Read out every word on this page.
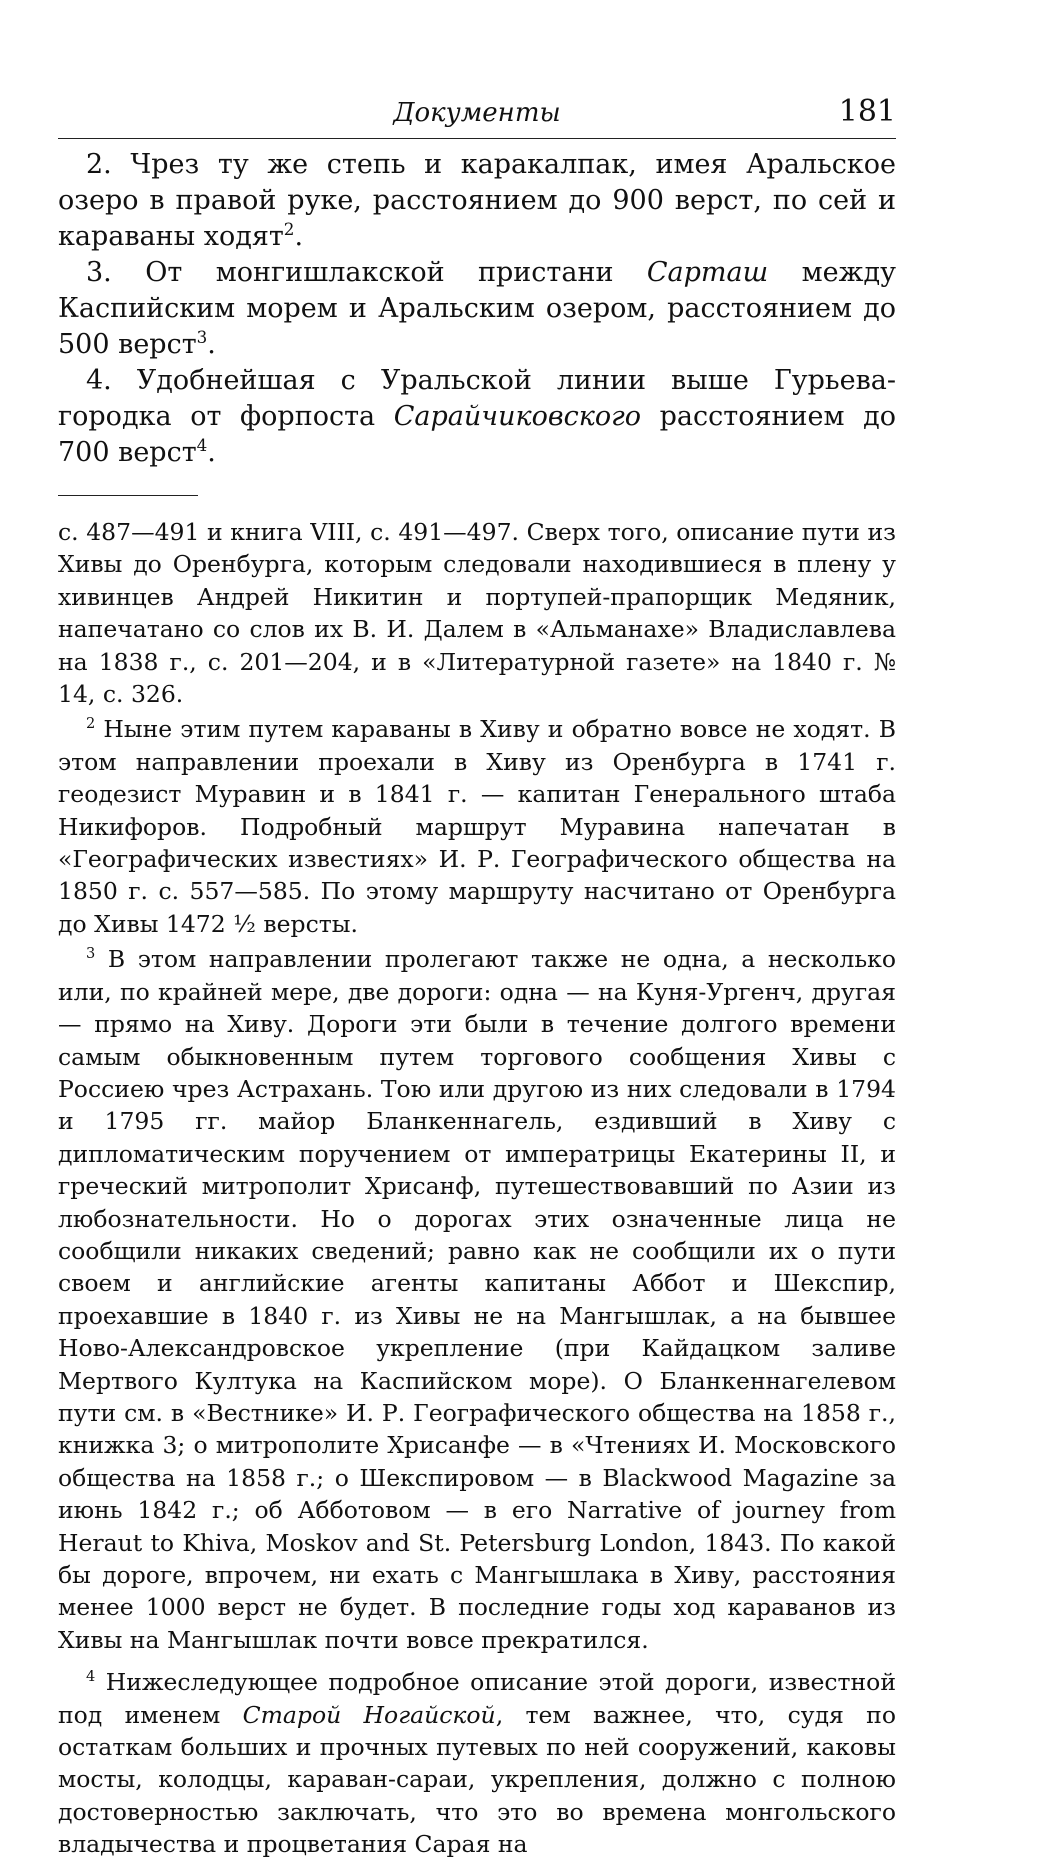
Документы	181

2. Чрез ту же степь и каракалпак, имея Аральское озеро в правой руке, расстоянием до 900 верст, по сей и караваны ходят$^2$.

3. От монгишлакской пристани Сарташ между Каспийским морем и Аральским озером, расстоянием до 500 верст$^3$.

4. Удобнейшая с Уральской линии выше Гурьева-городка от форпоста Сарайчиковского расстоянием до 700 верст$^4$.

с. 487—491 и книга VIII, с. 491—497. Сверх того, описание пути из Хивы до Оренбурга, которым следовали находившиеся в плену у хивинцев Андрей Никитин и портупей-прапорщик Медяник, напечатано со слов их В. И. Далем в «Альманахе» Владиславлева на 1838 г., с. 201—204, и в «Литературной газете» на 1840 г. № 14, с. 326.

$^2$ Ныне этим путем караваны в Хиву и обратно вовсе не ходят. В этом направлении проехали в Хиву из Оренбурга в 1741 г. геодезист Муравин и в 1841 г. — капитан Генерального штаба Никифоров. Подробный маршрут Муравина напечатан в «Географических известиях» И. Р. Географического общества на 1850 г. с. 557—585. По этому маршруту насчитано от Оренбурга до Хивы 1472 ½ версты.

$^3$ В этом направлении пролегают также не одна, а несколько или, по крайней мере, две дороги: одна — на Куня-Ургенч, другая — прямо на Хиву. Дороги эти были в течение долгого времени самым обыкновенным путем торгового сообщения Хивы с Россиею чрез Астрахань. Тою или другою из них следовали в 1794 и 1795 гг. майор Бланкеннагель, ездивший в Хиву с дипломатическим поручением от императрицы Екатерины II, и греческий митрополит Хрисанф, путешествовавший по Азии из любознательности. Но о дорогах этих означенные лица не сообщили никаких сведений; равно как не сообщили их о пути своем и английские агенты капитаны Аббот и Шекспир, проехавшие в 1840 г. из Хивы не на Мангышлак, а на бывшее Ново-Александровское укрепление (при Кайдацком заливе Мертвого Култука на Каспийском море). О Бланкеннагелевом пути см. в «Вестнике» И. Р. Географического общества на 1858 г., книжка 3; о митрополите Хрисанфе — в «Чтениях И. Московского общества на 1858 г.; о Шекспировом — в Blackwood Magazine за июнь 1842 г.; об Абботовом — в его Narrative of journey from Heraut to Khiva, Moskov and St. Petersburg London, 1843. По какой бы дороге, впрочем, ни ехать с Мангышлака в Хиву, расстояния менее 1000 верст не будет. В последние годы ход караванов из Хивы на Мангышлак почти вовсе прекратился.

$^4$ Нижеследующее подробное описание этой дороги, известной под именем Старой Ногайской, тем важнее, что, судя по остаткам больших и прочных путевых по ней сооружений, каковы мосты, колодцы, караван-сараи, укрепления, должно с полною достоверностью заключать, что это во времена монгольского владычества и процветания Сарая на
